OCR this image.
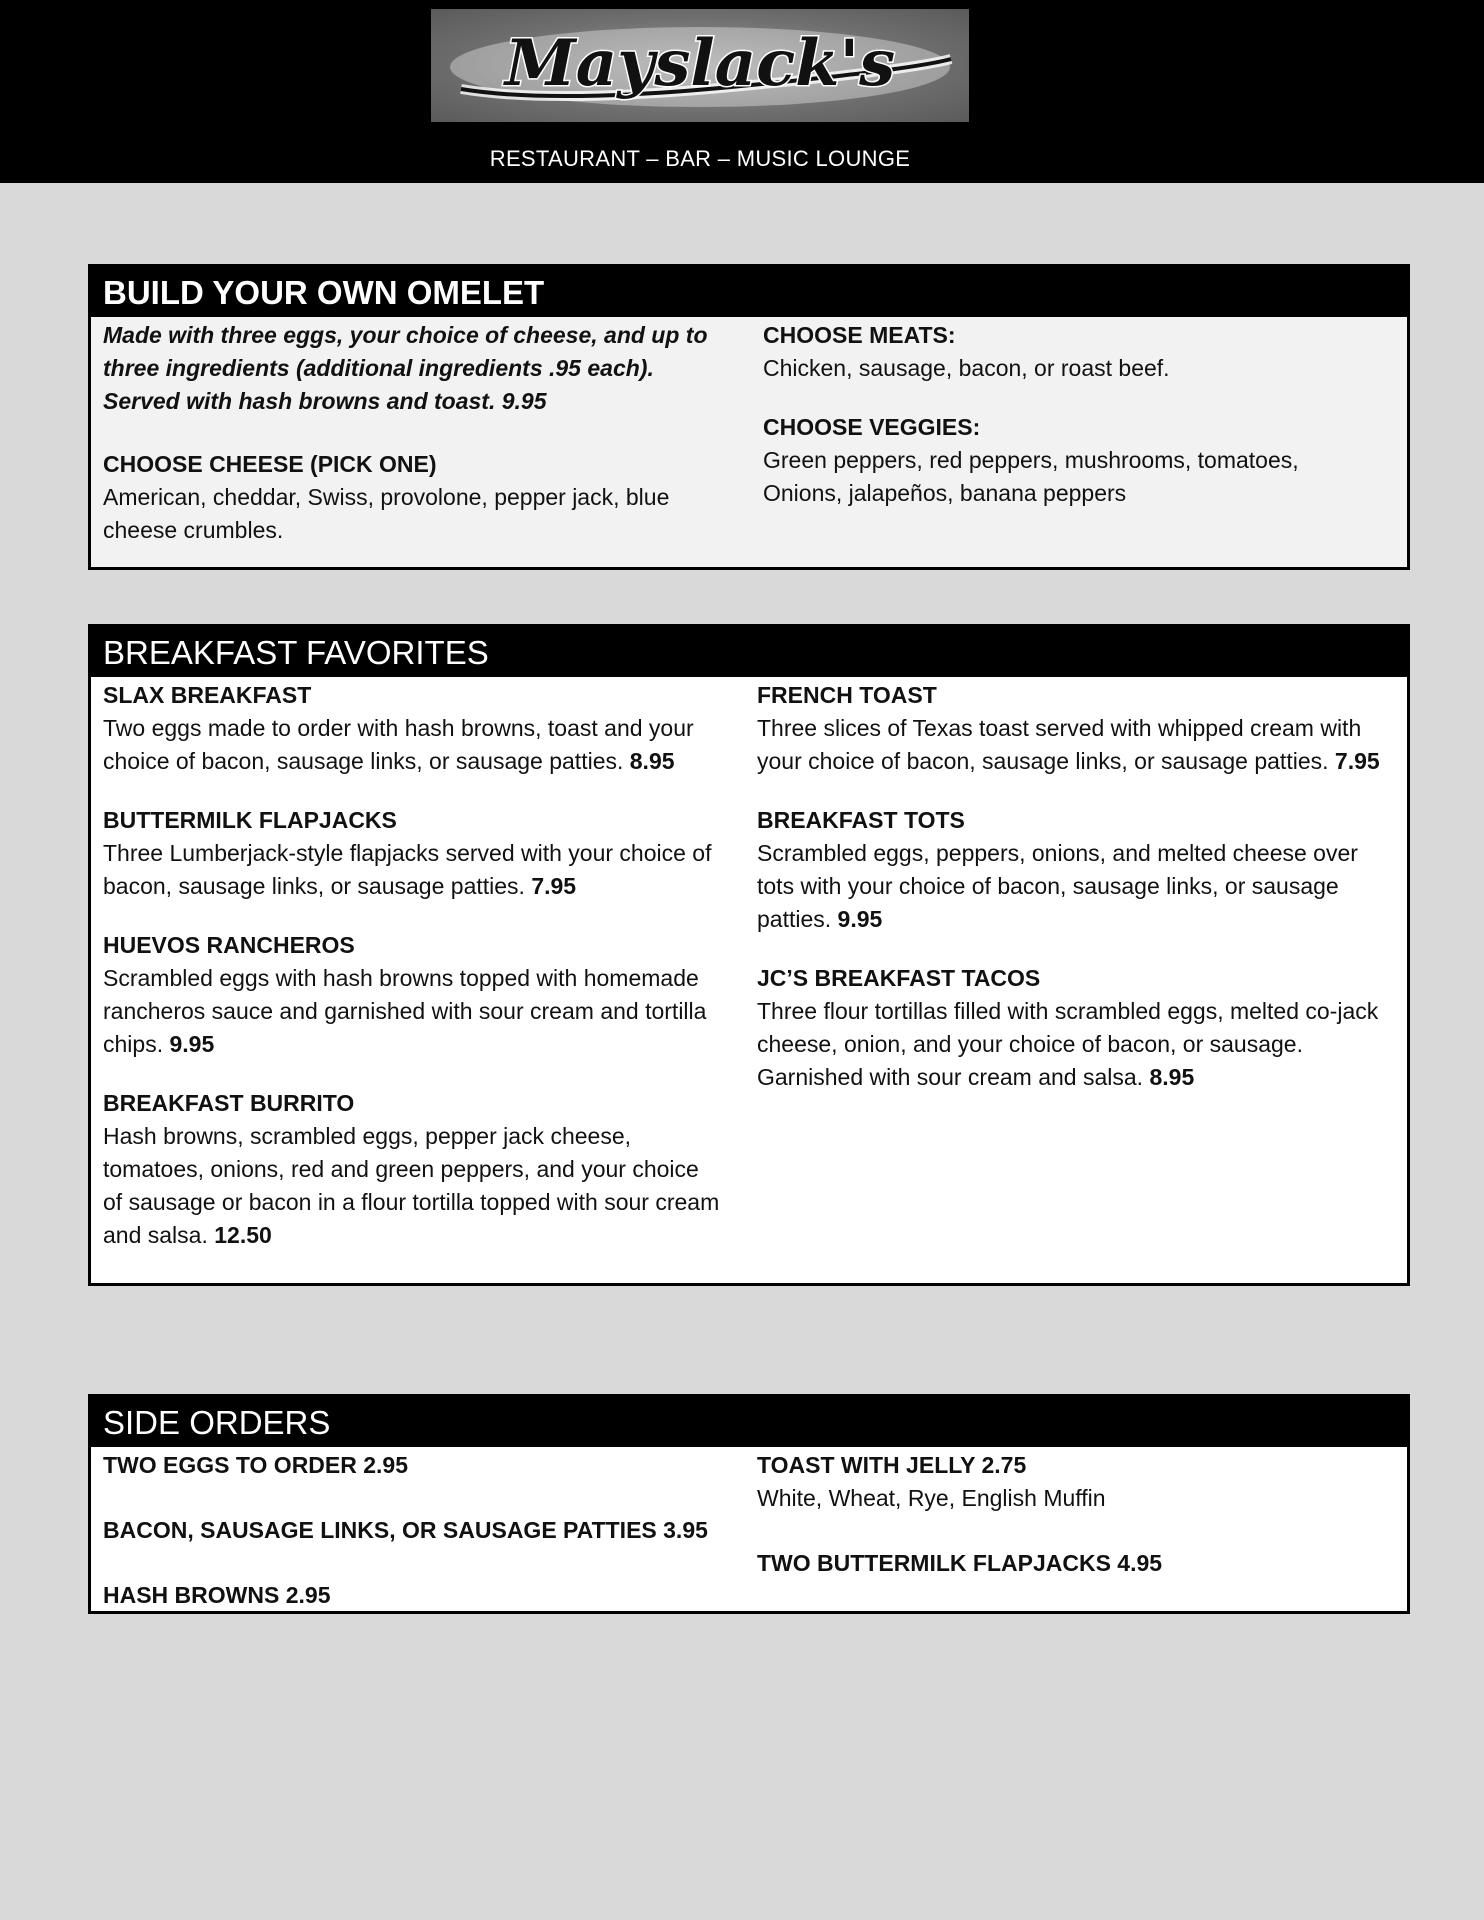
Mayslack's
RESTAURANT – BAR – MUSIC LOUNGE
BUILD YOUR OWN OMELET

Made with three eggs, your choice of cheese, and up to three ingredients (additional ingredients .95 each). Served with hash browns and toast. 9.95

CHOOSE CHEESE (PICK ONE)

American, cheddar, Swiss, provolone, pepper jack, blue cheese crumbles.

CHOOSE MEATS:

Chicken, sausage, bacon, or roast beef.

CHOOSE VEGGIES:

Green peppers, red peppers, mushrooms, tomatoes, Onions, jalapeños, banana peppers

BREAKFAST FAVORITES

SLAX BREAKFAST

Two eggs made to order with hash browns, toast and your choice of bacon, sausage links, or sausage patties. 8.95

BUTTERMILK FLAPJACKS

Three Lumberjack-style flapjacks served with your choice of bacon, sausage links, or sausage patties. 7.95

HUEVOS RANCHEROS

Scrambled eggs with hash browns topped with homemade rancheros sauce and garnished with sour cream and tortilla chips. 9.95

BREAKFAST BURRITO

Hash browns, scrambled eggs, pepper jack cheese, tomatoes, onions, red and green peppers, and your choice of sausage or bacon in a flour tortilla topped with sour cream and salsa. 12.50

FRENCH TOAST

Three slices of Texas toast served with whipped cream with your choice of bacon, sausage links, or sausage patties. 7.95

BREAKFAST TOTS

Scrambled eggs, peppers, onions, and melted cheese over tots with your choice of bacon, sausage links, or sausage patties. 9.95

JC’S BREAKFAST TACOS

Three flour tortillas filled with scrambled eggs, melted co-jack cheese, onion, and your choice of bacon, or sausage. Garnished with sour cream and salsa. 8.95

SIDE ORDERS

TWO EGGS TO ORDER 2.95

BACON, SAUSAGE LINKS, OR SAUSAGE PATTIES 3.95

HASH BROWNS 2.95

TOAST WITH JELLY 2.75

White, Wheat, Rye, English Muffin

TWO BUTTERMILK FLAPJACKS 4.95
